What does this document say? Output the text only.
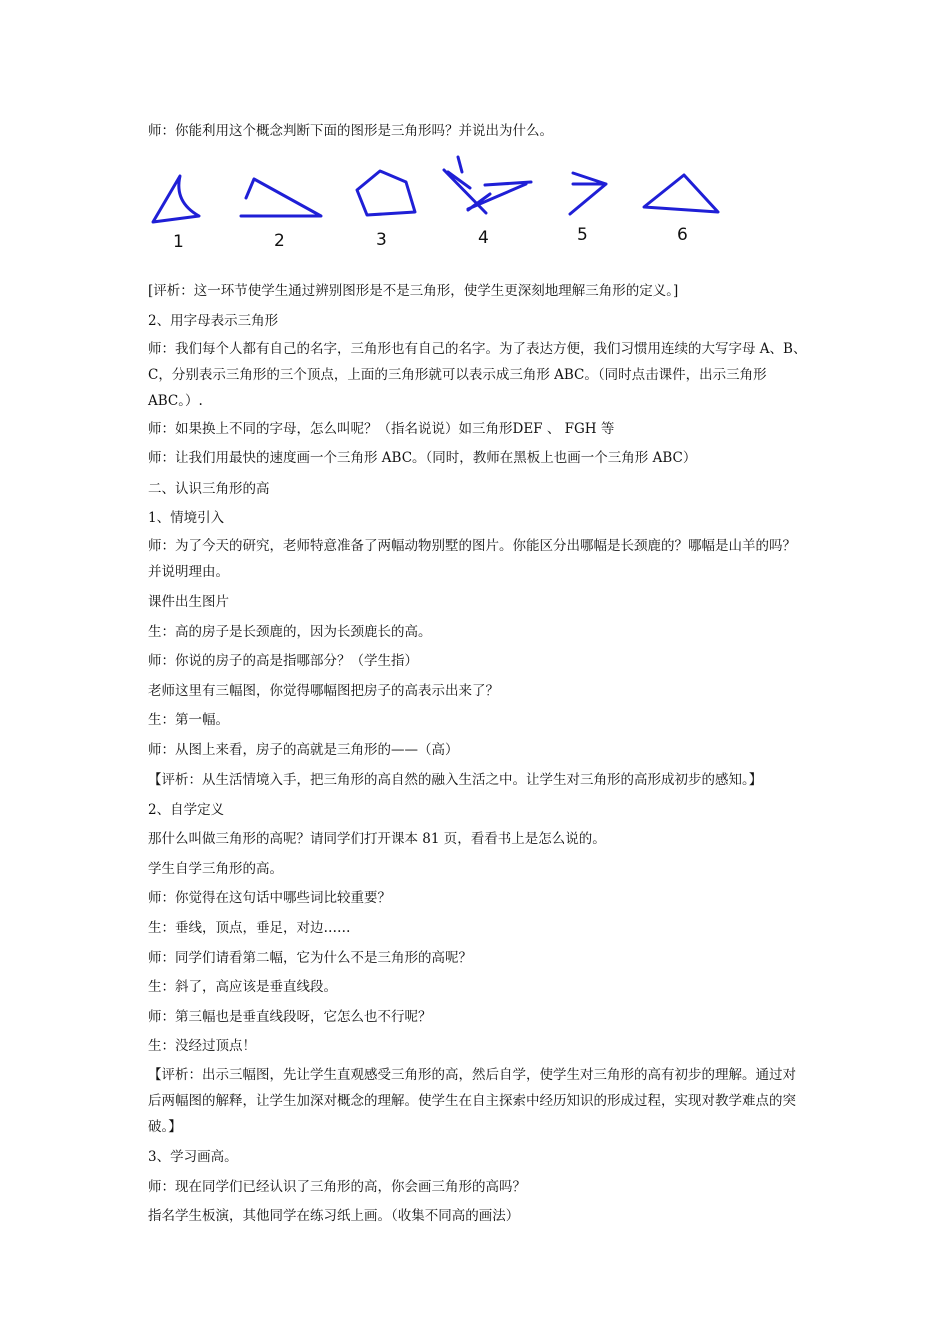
师：你能利用这个概念判断下面的图形是三角形吗？并说出为什么。
1	2	3	4	5	6
[评析：这一环节使学生通过辨别图形是不是三角形，使学生更深刻地理解三角形的定义。]
2、用字母表示三角形
师：我们每个人都有自己的名字，三角形也有自己的名字。为了表达方便，我们习惯用连续的大写字母 A、B、C，分别表示三角形的三个顶点，上面的三角形就可以表示成三角形 ABC。（同时点击课件，出示三角形 ABC。）.
师：如果换上不同的字母，怎么叫呢？（指名说说）如三角形DEF 、 FGH 等
师：让我们用最快的速度画一个三角形 ABC。（同时，教师在黑板上也画一个三角形 ABC）
二、认识三角形的高
1、情境引入
师：为了今天的研究，老师特意准备了两幅动物别墅的图片。你能区分出哪幅是长颈鹿的？哪幅是山羊的吗？并说明理由。
课件出生图片
生：高的房子是长颈鹿的，因为长颈鹿长的高。
师：你说的房子的高是指哪部分？（学生指）
老师这里有三幅图，你觉得哪幅图把房子的高表示出来了？
生：第一幅。
师：从图上来看，房子的高就是三角形的——（高）
【评析：从生活情境入手，把三角形的高自然的融入生活之中。让学生对三角形的高形成初步的感知。】
2、自学定义
那什么叫做三角形的高呢？请同学们打开课本 81 页，看看书上是怎么说的。
学生自学三角形的高。
师：你觉得在这句话中哪些词比较重要？
生：垂线，顶点，垂足，对边……
师：同学们请看第二幅，它为什么不是三角形的高呢？
生：斜了，高应该是垂直线段。
师：第三幅也是垂直线段呀，它怎么也不行呢？
生：没经过顶点！
【评析：出示三幅图，先让学生直观感受三角形的高，然后自学，使学生对三角形的高有初步的理解。通过对后两幅图的解释，让学生加深对概念的理解。使学生在自主探索中经历知识的形成过程，实现对教学难点的突破。】
3、学习画高。
师：现在同学们已经认识了三角形的高，你会画三角形的高吗？
指名学生板演，其他同学在练习纸上画。（收集不同高的画法）
